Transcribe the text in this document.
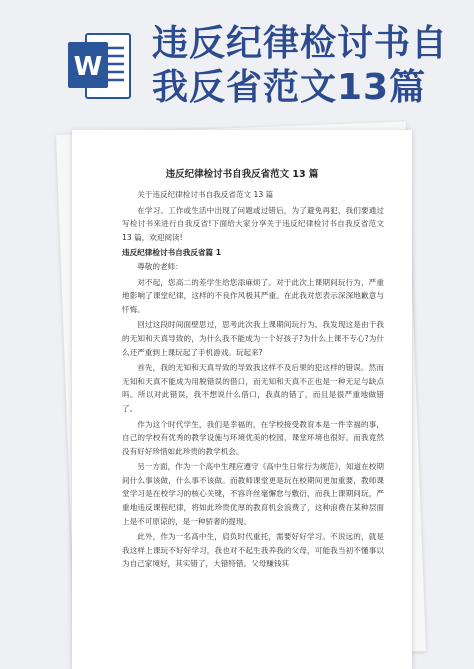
W
违反纪律检讨书自我反省范文13篇
违反纪律检讨书自我反省范文 13 篇

关于违反纪律检讨书自我反省范文 13 篇

在学习、工作或生活中出现了问题或过错后，为了避免再犯，我们要通过写检讨书来进行自我反省!下面给大家分享关于违反纪律检讨书自我反省范文 13 篇，欢迎阅读!

违反纪律检讨书自我反省篇 1

尊敬的老师：

对不起，您高二的差学生给您添麻烦了。对于此次上课期间玩行为，严重地影响了课堂纪律，这样的不良作风极其严重。在此我对您表示深深地歉意与忏悔。

回过这段时间面壁思过，思考此次我上课期间玩行为。我发现这是由于我的无知和天真导致的，为什么我不能成为一个好孩子?为什么上课不专心?为什么还严重到上课玩起了手机游戏。玩起来?

首先，我的无知和天真导致的导致我这样不及后果的犯这样的错误。然而无知和天真不能成为用脱错误的借口，而无知和天真不正也是一种无足与缺点吗。所以对此错误，我不想说什么借口，我真的错了，而且是很严重地做错了。

作为这个时代学生，我们是幸福的，在学校接受教育本是一件幸福的事，自己的学校有优秀的教学设施与环境优美的校园，课堂环境也很好。而我竟然没有好好珍惜如此珍贵的教学机会。

另一方面，作为一个高中生理应遵守《高中生日常行为规范》，知道在校期间什么事该做，什么事不该做。而教师课堂更是玩在校期间更加重要，教师课堂学习是在校学习的核心关键，不容许丝毫懈怠与敷衍，而我上课期间玩，严重地违反课程纪律，将如此珍贵优厚的教育机会浪费了，这种浪费在某种层面上是不可原谅的，是一种骄奢的提现。

此外，作为一名高中生，肩负时代重托，需要好好学习。不说远的，就是我这样上课玩不好好学习，我也对不起生我养我的父母，可能我当初不懂事以为自己家境好，其实错了，大错特错。父母赚钱其
